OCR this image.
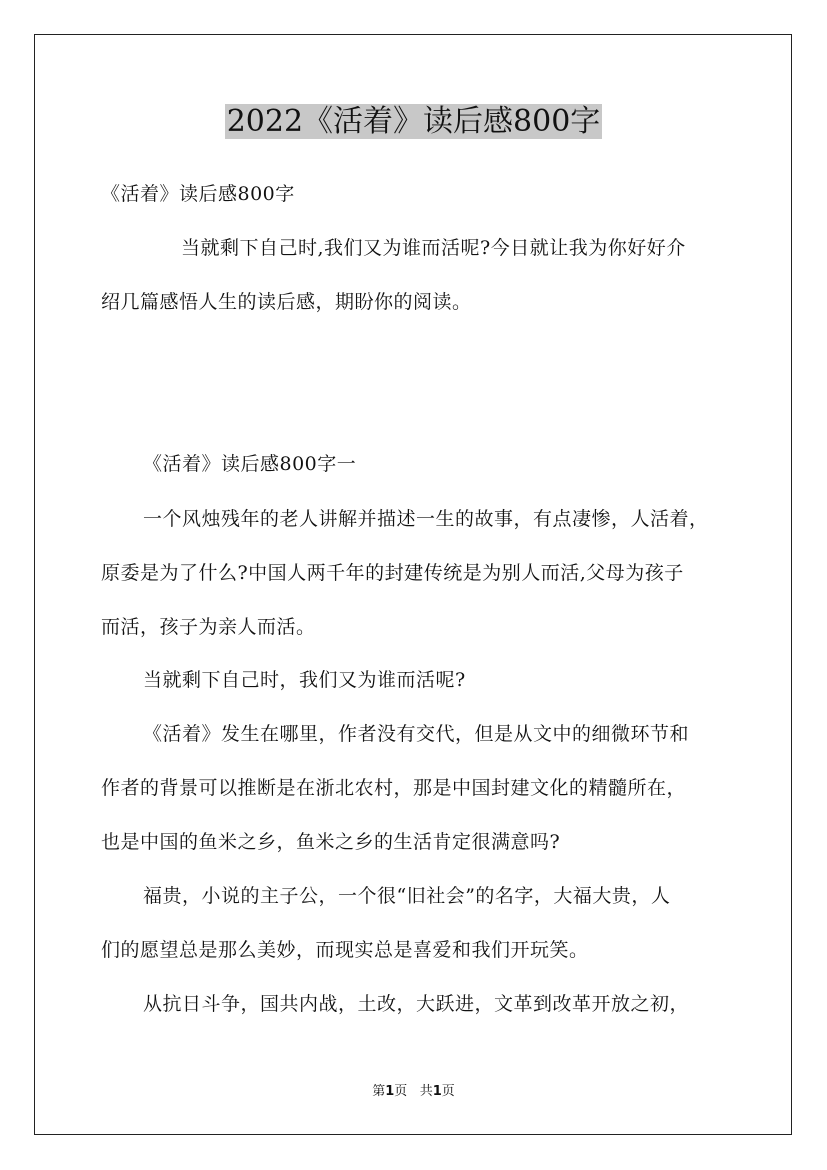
2022《活着》读后感800字
《活着》读后感800字
当就剩下自己时,我们又为谁而活呢?今日就让我为你好好介
绍几篇感悟人生的读后感，期盼你的阅读。
《活着》读后感800字一
一个风烛残年的老人讲解并描述一生的故事，有点凄惨，人活着，
原委是为了什么?中国人两千年的封建传统是为别人而活,父母为孩子
而活，孩子为亲人而活。
当就剩下自己时，我们又为谁而活呢?
《活着》发生在哪里，作者没有交代，但是从文中的细微环节和
作者的背景可以推断是在浙北农村，那是中国封建文化的精髓所在，
也是中国的鱼米之乡，鱼米之乡的生活肯定很满意吗?
福贵，小说的主子公，一个很“旧社会”的名字，大福大贵，人
们的愿望总是那么美妙，而现实总是喜爱和我们开玩笑。
从抗日斗争，国共内战，土改，大跃进，文革到改革开放之初，
第1页 共1页
